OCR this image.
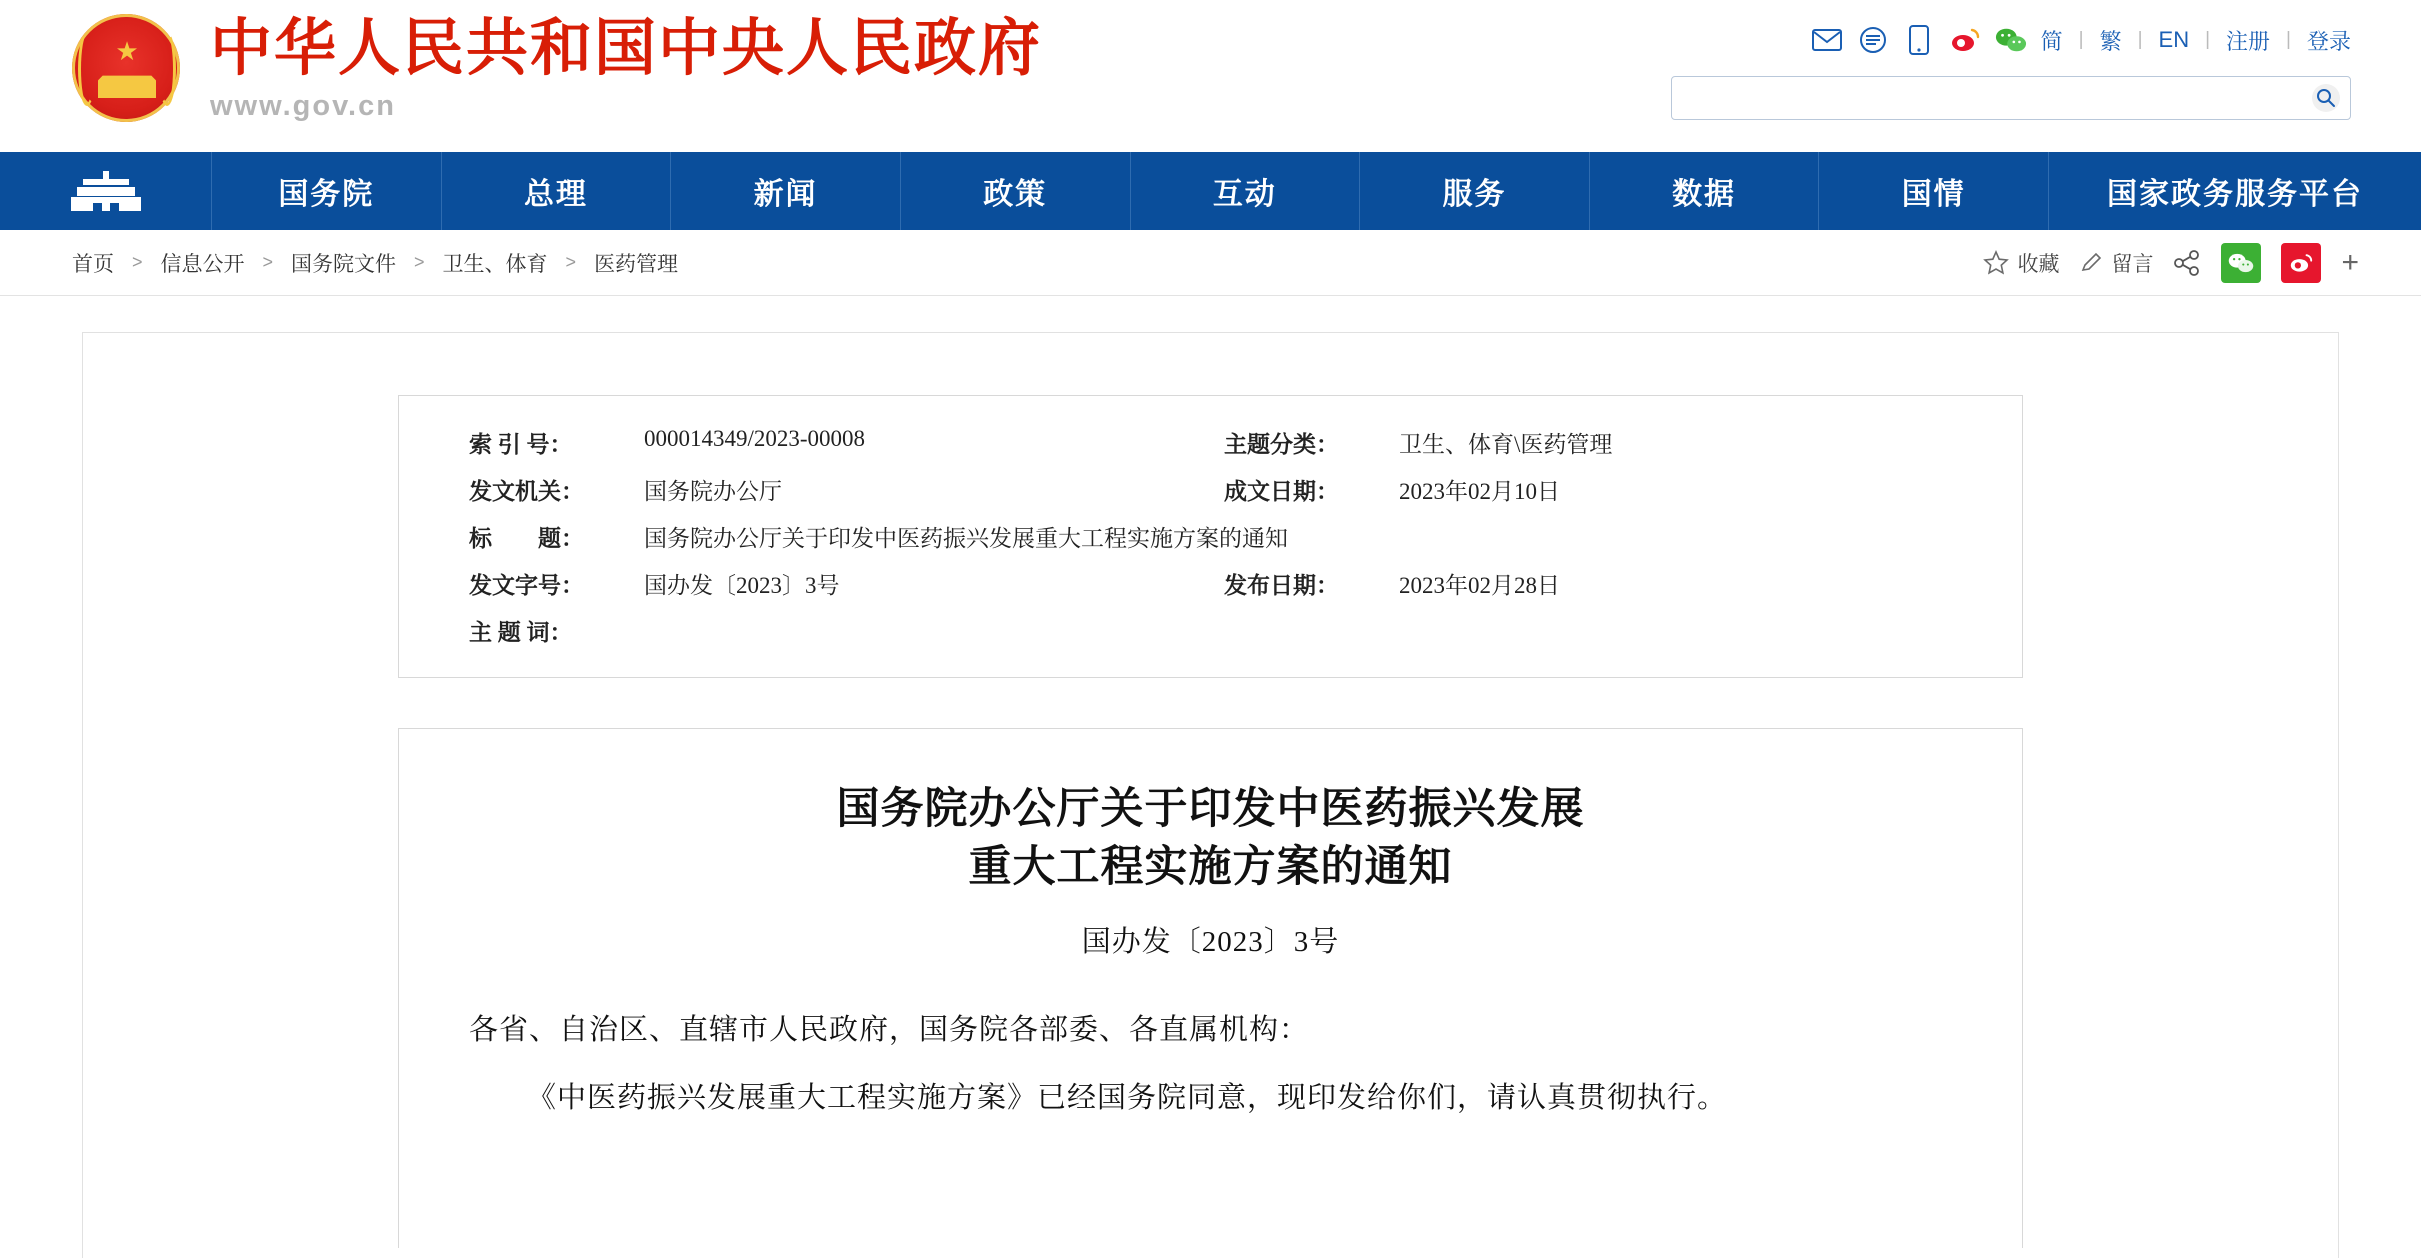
★ 中华人民共和国中央人民政府
www.gov.cn
简 | 繁 | EN | 注册 | 登录
国务院	总理	新闻	政策	互动	服务	数据	国情	国家政务服务平台
首页 > 信息公开 > 国务院文件 > 卫生、体育 > 医药管理	收藏 留言	+
索 引 号：	000014349/2023-00008	主题分类：	卫生、体育\医药管理
发文机关：	国务院办公厅	成文日期：	2023年02月10日
标　　题：	国务院办公厅关于印发中医药振兴发展重大工程实施方案的通知
发文字号：	国办发〔2023〕3号	发布日期：	2023年02月28日
主 题 词：
国务院办公厅关于印发中医药振兴发展
重大工程实施方案的通知
国办发〔2023〕3号
各省、自治区、直辖市人民政府，国务院各部委、各直属机构：
《中医药振兴发展重大工程实施方案》已经国务院同意，现印发给你们，请认真贯彻执行。
